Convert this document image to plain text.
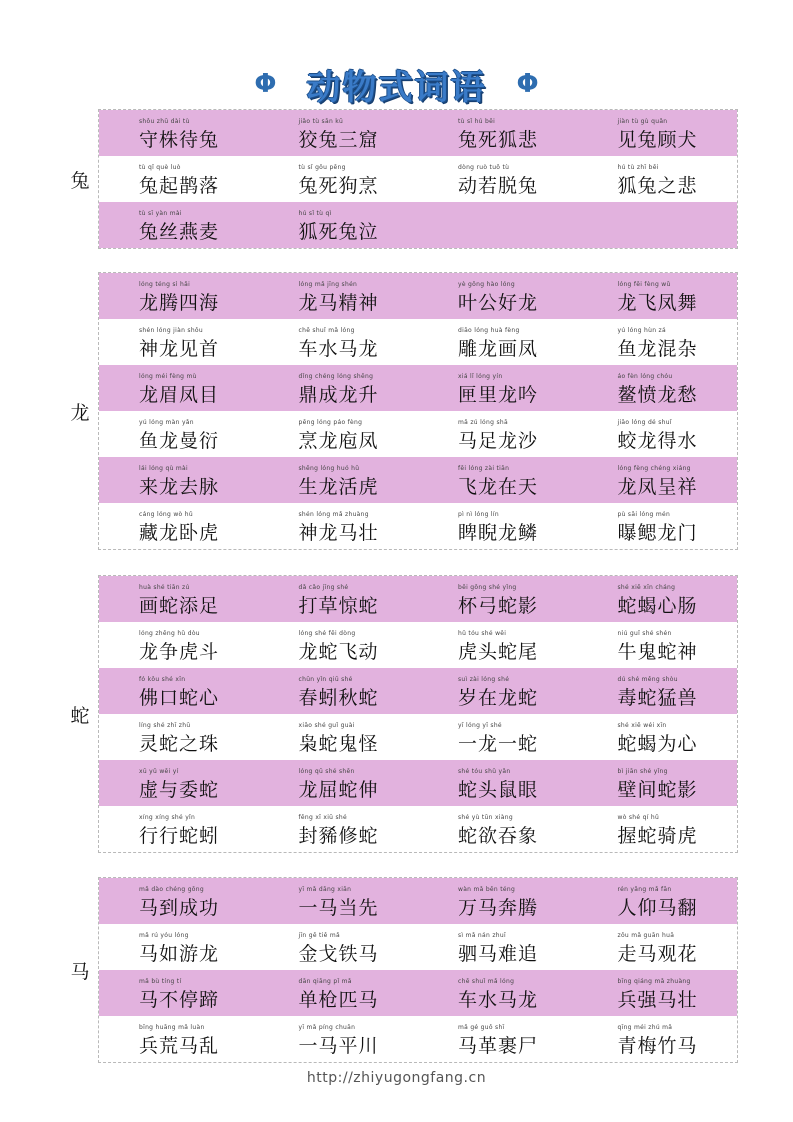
Φ 动物式词语 Φ
shǒu zhū dài tù
守株待兔
jiǎo tù sān kū
狡兔三窟
tù sǐ hú bēi
兔死狐悲
jiàn tù gù quǎn
见兔顾犬
tù qǐ què luò
兔起鹊落
tù sǐ gǒu pēng
兔死狗烹
dòng ruò tuō tù
动若脱兔
hú tù zhī bēi
狐兔之悲
tù sī yàn mài
兔丝燕麦
hú sǐ tù qì
狐死兔泣
兔
lóng téng sì hǎi
龙腾四海
lóng mǎ jīng shén
龙马精神
yè gōng hào lóng
叶公好龙
lóng fēi fèng wǔ
龙飞凤舞
shén lóng jiàn shǒu
神龙见首
chē shuǐ mǎ lóng
车水马龙
diāo lóng huà fèng
雕龙画凤
yú lóng hùn zá
鱼龙混杂
lóng méi fèng mù
龙眉凤目
dǐng chéng lóng shēng
鼎成龙升
xiá lǐ lóng yín
匣里龙吟
áo fèn lóng chóu
鳌愤龙愁
yú lóng màn yǎn
鱼龙曼衍
pēng lóng páo fèng
烹龙庖凤
mǎ zú lóng shā
马足龙沙
jiāo lóng dé shuǐ
蛟龙得水
lái lóng qù mài
来龙去脉
shēng lóng huó hǔ
生龙活虎
fēi lóng zài tiān
飞龙在天
lóng fèng chéng xiáng
龙凤呈祥
cáng lóng wò hǔ
藏龙卧虎
shén lóng mǎ zhuàng
神龙马壮
pì nì lóng lín
睥睨龙鳞
pù sāi lóng mén
曝鳃龙门
龙
huà shé tiān zú
画蛇添足
dǎ cǎo jīng shé
打草惊蛇
bēi gōng shé yǐng
杯弓蛇影
shé xiē xīn cháng
蛇蝎心肠
lóng zhēng hǔ dòu
龙争虎斗
lóng shé fēi dòng
龙蛇飞动
hǔ tóu shé wěi
虎头蛇尾
niú guǐ shé shén
牛鬼蛇神
fó kǒu shé xīn
佛口蛇心
chūn yǐn qiū shé
春蚓秋蛇
suì zài lóng shé
岁在龙蛇
dú shé měng shòu
毒蛇猛兽
líng shé zhī zhū
灵蛇之珠
xiāo shé guǐ guài
枭蛇鬼怪
yī lóng yī shé
一龙一蛇
shé xiē wéi xīn
蛇蝎为心
xū yǔ wēi yí
虚与委蛇
lóng qū shé shēn
龙屈蛇伸
shé tóu shǔ yǎn
蛇头鼠眼
bì jiān shé yǐng
壁间蛇影
xíng xíng shé yǐn
行行蛇蚓
fēng xī xiū shé
封豨修蛇
shé yù tūn xiàng
蛇欲吞象
wò shé qí hǔ
握蛇骑虎
蛇
mǎ dào chéng gōng
马到成功
yī mǎ dāng xiān
一马当先
wàn mǎ bēn téng
万马奔腾
rén yǎng mǎ fān
人仰马翻
mǎ rú yóu lóng
马如游龙
jīn gē tiě mǎ
金戈铁马
sì mǎ nán zhuī
驷马难追
zǒu mǎ guān huā
走马观花
mǎ bù tíng tí
马不停蹄
dān qiāng pǐ mǎ
单枪匹马
chē shuǐ mǎ lóng
车水马龙
bīng qiáng mǎ zhuàng
兵强马壮
bīng huāng mǎ luàn
兵荒马乱
yī mǎ píng chuān
一马平川
mǎ gé guǒ shī
马革裹尸
qīng méi zhú mǎ
青梅竹马
马
http://zhiyugongfang.cn
